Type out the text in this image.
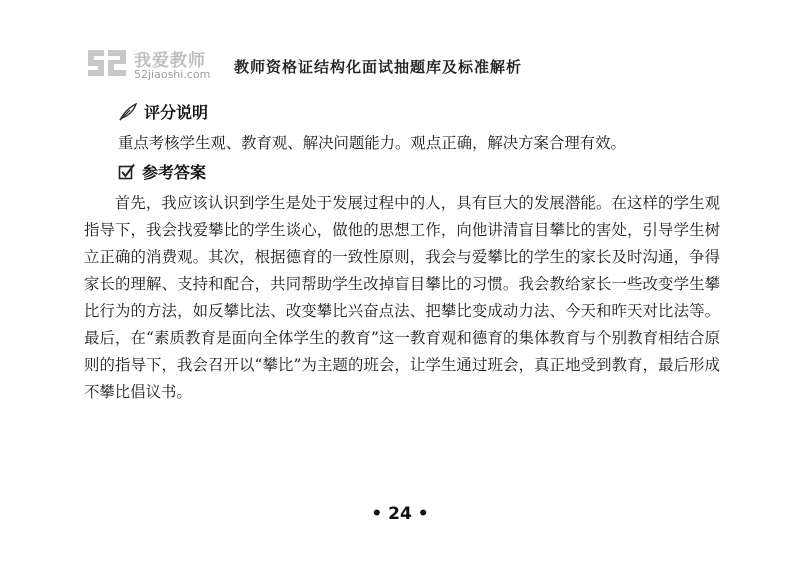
我爱教师
52jiaoshi.com 教师资格证结构化面试抽题库及标准解析
评分说明
重点考核学生观、教育观、解决问题能力。观点正确，解决方案合理有效。
参考答案

首先，我应该认识到学生是处于发展过程中的人，具有巨大的发展潜能。在这样的学生观指导下，我会找爱攀比的学生谈心，做他的思想工作，向他讲清盲目攀比的害处，引导学生树立正确的消费观。其次，根据德育的一致性原则，我会与爱攀比的学生的家长及时沟通，争得家长的理解、支持和配合，共同帮助学生改掉盲目攀比的习惯。我会教给家长一些改变学生攀比行为的方法，如反攀比法、改变攀比兴奋点法、把攀比变成动力法、今天和昨天对比法等。最后，在“素质教育是面向全体学生的教育”这一教育观和德育的集体教育与个别教育相结合原则的指导下，我会召开以“攀比”为主题的班会，让学生通过班会，真正地受到教育，最后形成不攀比倡议书。

• 24 •
